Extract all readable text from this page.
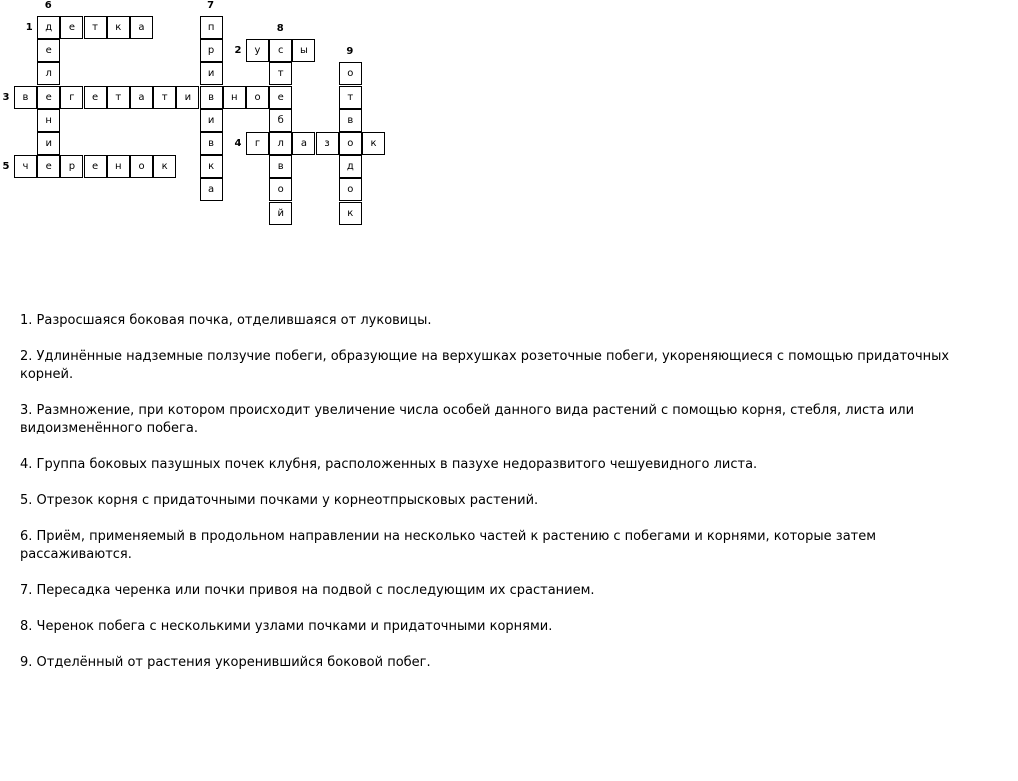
д	е	т	к	а
у	с	ы
в	е	г	е	т	а	т	и	в	н	о	е
г	л	а	з	о	к
ч	е	р	е	н	о	к
е
л
н
и
п
р
и
и
в
к
а
т
б
в
о
й
о
т
в
д
о
к
1
2
3
4
5
6	7
8
9
1. Разросшаяся боковая почка, отделившаяся от луковицы.
2. Удлинённые надземные ползучие побеги, образующие на верхушках розеточные побеги, укореняющиеся с помощью придаточных корней.
3. Размножение, при котором происходит увеличение числа особей данного вида растений с помощью корня, стебля, листа или видоизменённого побега.
4. Группа боковых пазушных почек клубня, расположенных в пазухе недоразвитого чешуевидного листа.
5. Отрезок корня с придаточными почками у корнеотпрысковых растений.
6. Приём, применяемый в продольном направлении на несколько частей к растению с побегами и корнями, которые затем рассаживаются.
7. Пересадка черенка или почки привоя на подвой с последующим их срастанием.
8. Черенок побега с несколькими узлами почками и придаточными корнями.
9. Отделённый от растения укоренившийся боковой побег.
